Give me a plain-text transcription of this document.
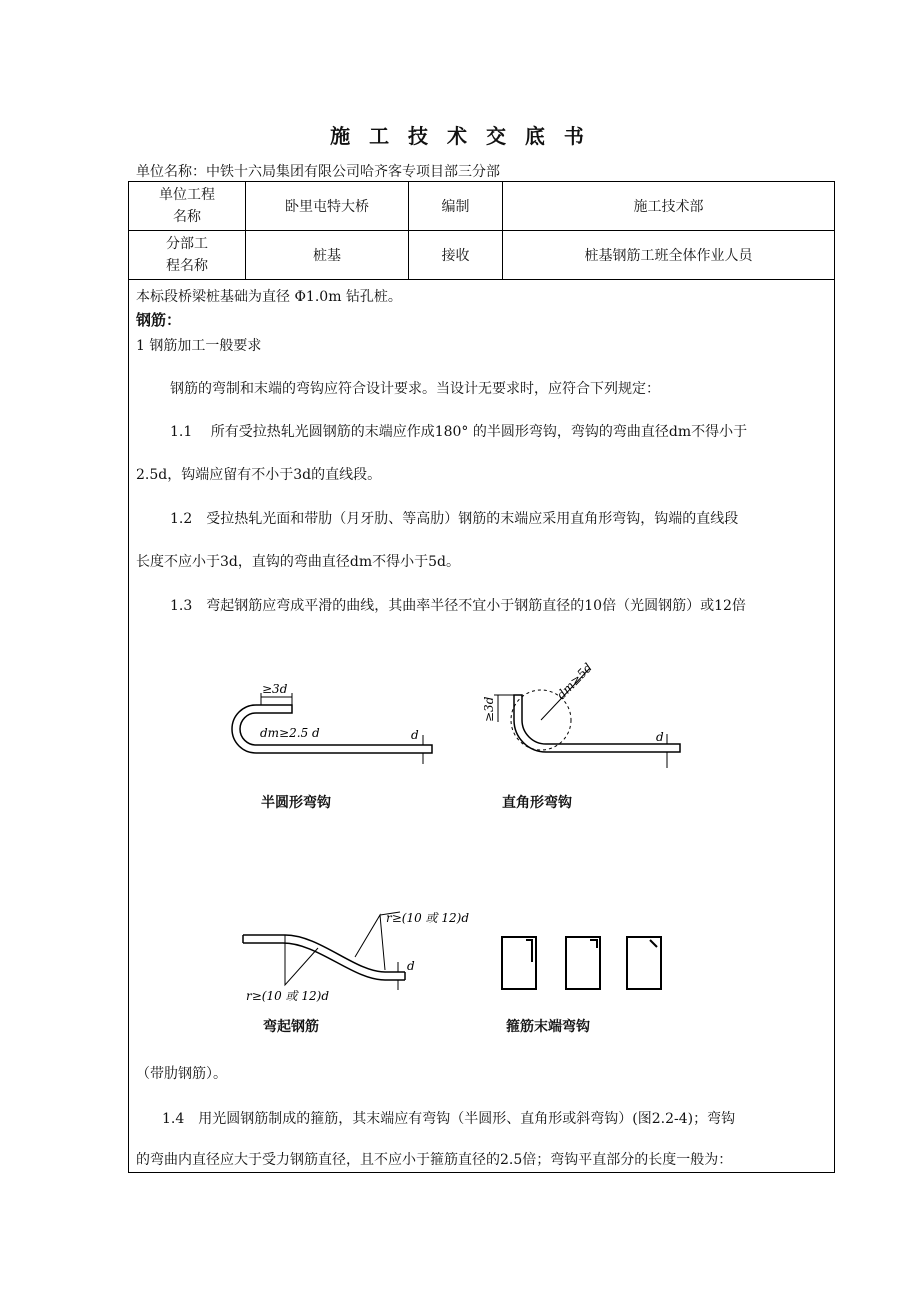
施 工 技 术 交 底 书
单位名称：中铁十六局集团有限公司哈齐客专项目部三分部
单位工程
名称	卧里屯特大桥	编制	施工技术部
分部工
程名称	桩基	接收	桩基钢筋工班全体作业人员
本标段桥梁桩基础为直径 Φ1.0m 钻孔桩。
钢筋：
1 钢筋加工一般要求
钢筋的弯制和末端的弯钩应符合设计要求。当设计无要求时，应符合下列规定：
1.1　 所有受拉热轧光圆钢筋的末端应作成180° 的半圆形弯钩，弯钩的弯曲直径dm不得小于
2.5d，钩端应留有不小于3d的直线段。
1.2　受拉热轧光面和带肋（月牙肋、等高肋）钢筋的末端应采用直角形弯钩，钩端的直线段
长度不应小于3d，直钩的弯曲直径dm不得小于5d。
1.3　弯起钢筋应弯成平滑的曲线，其曲率半径不宜小于钢筋直径的10倍（光圆钢筋）或12倍
≥3d
dm≥2.5 d	d
≥3d
dm≥5d
d
r≥(10 或 12)d
r≥(10 或 12)d
d
半圆形弯钩	直角形弯钩
弯起钢筋	箍筋末端弯钩
（带肋钢筋）。
1.4　用光圆钢筋制成的箍筋，其末端应有弯钩（半圆形、直角形或斜弯钩）(图2.2-4)；弯钩
的弯曲内直径应大于受力钢筋直径，且不应小于箍筋直径的2.5倍；弯钩平直部分的长度一般为：
